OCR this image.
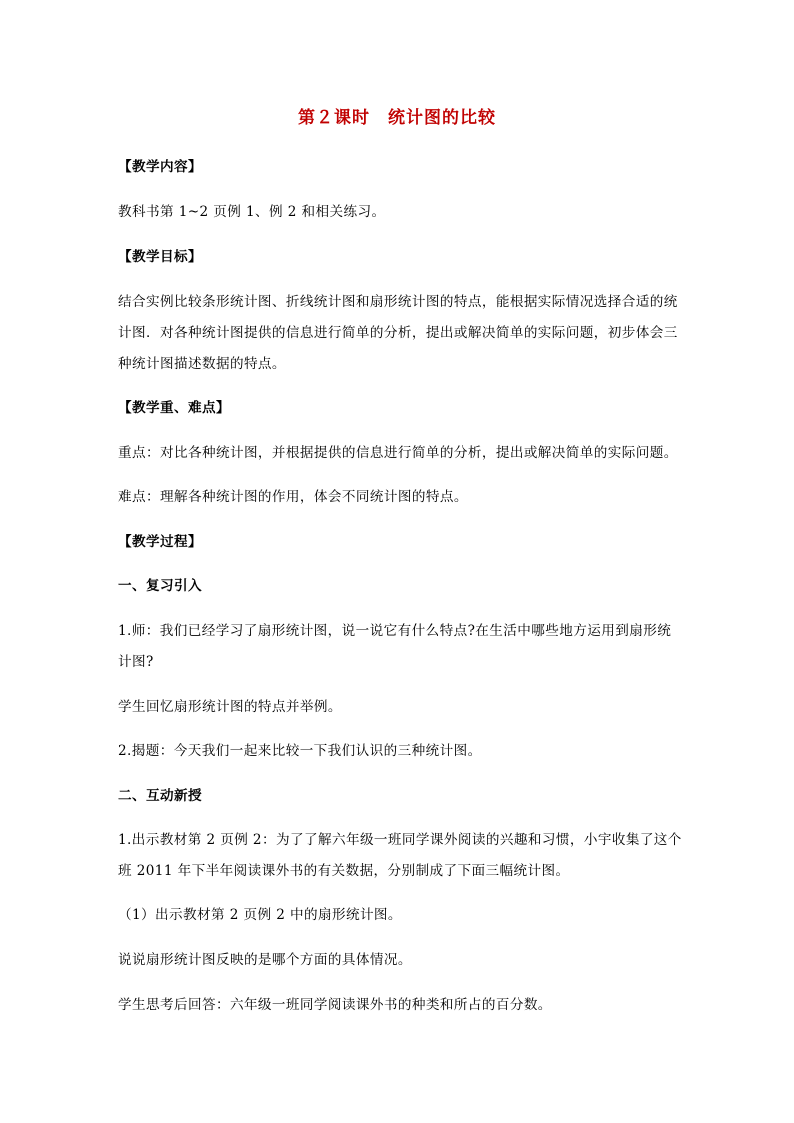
第２课时　统计图的比较
【教学内容】
教科书第 1~2 页例 1、例 2 和相关练习。
【教学目标】
结合实例比较条形统计图、折线统计图和扇形统计图的特点，能根据实际情况选择合适的统
计图．对各种统计图提供的信息进行简单的分析，提出或解决简单的实际问题，初步体会三
种统计图描述数据的特点。
【教学重、难点】
重点：对比各种统计图，并根据提供的信息进行简单的分析，提出或解决简单的实际问题。
难点：理解各种统计图的作用，体会不同统计图的特点。
【教学过程】
一、复习引入
1.师：我们已经学习了扇形统计图，说一说它有什么特点?在生活中哪些地方运用到扇形统
计图?
学生回忆扇形统计图的特点并举例。
2.揭题：今天我们一起来比较一下我们认识的三种统计图。
二、互动新授
1.出示教材第 2 页例 2：为了了解六年级一班同学课外阅读的兴趣和习惯，小宇收集了这个
班 2011 年下半年阅读课外书的有关数据，分别制成了下面三幅统计图。
（1）出示教材第 2 页例 2 中的扇形统计图。
说说扇形统计图反映的是哪个方面的具体情况。
学生思考后回答：六年级一班同学阅读课外书的种类和所占的百分数。
